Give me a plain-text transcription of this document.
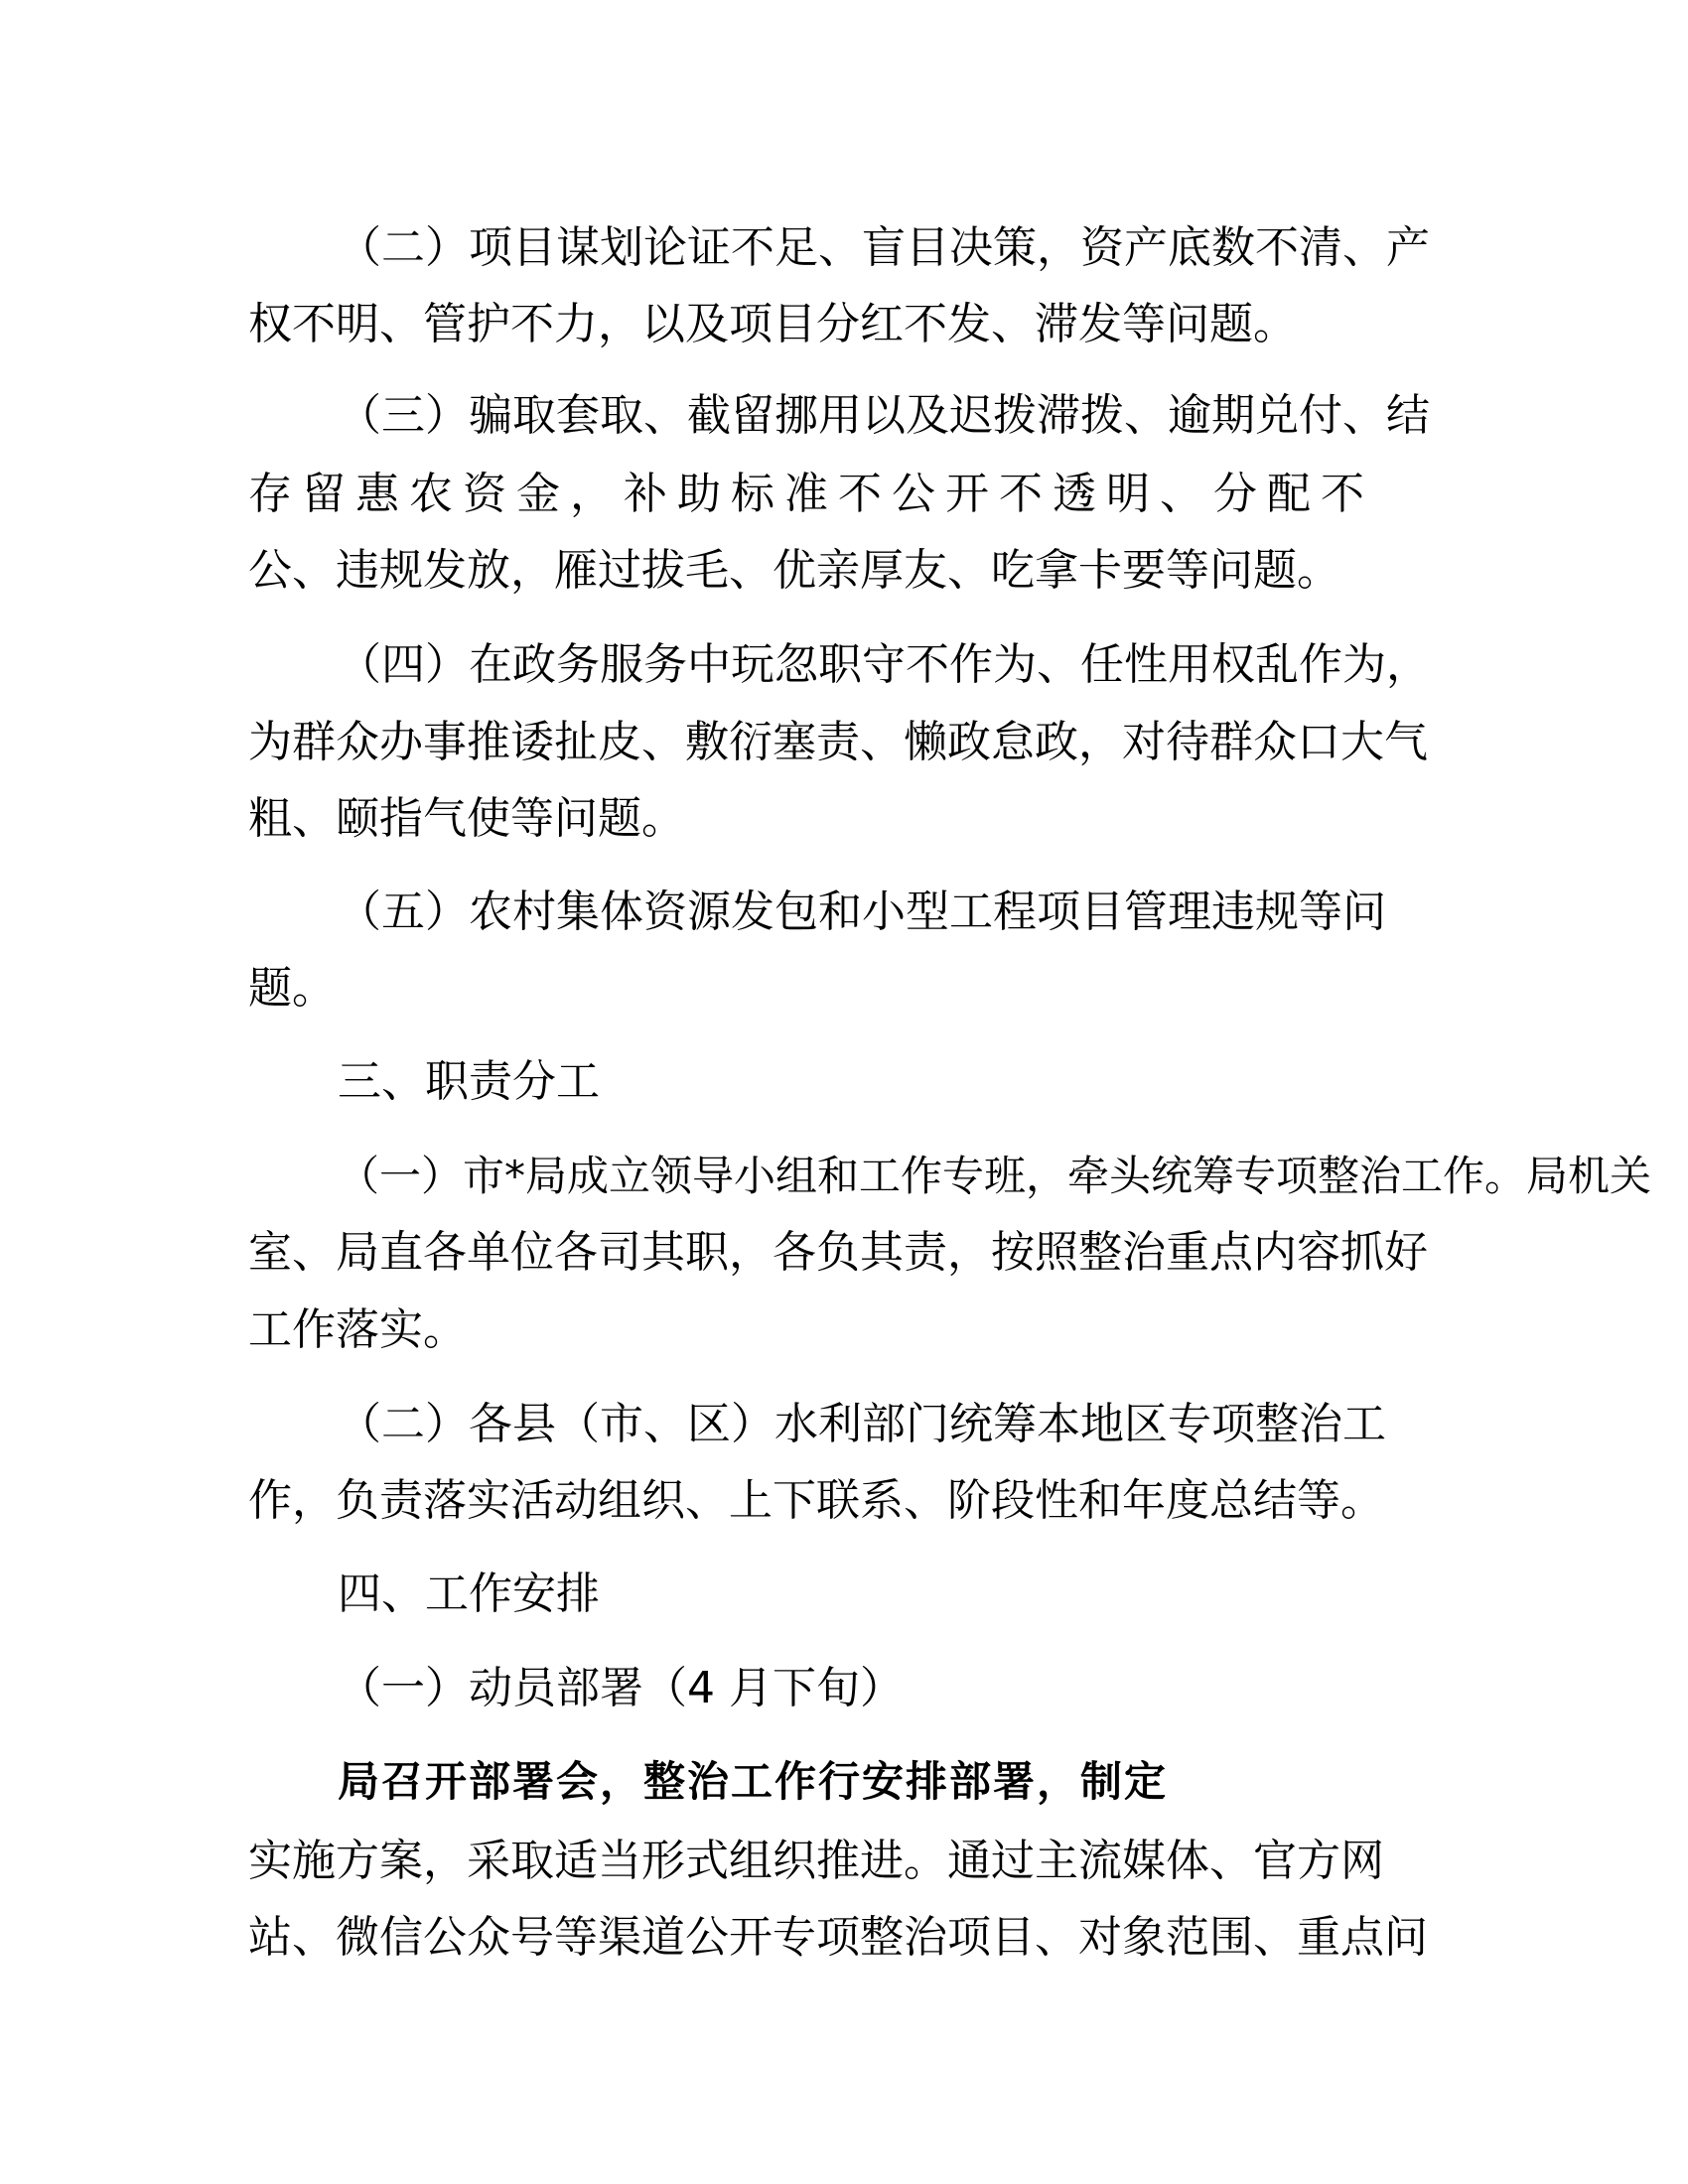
（二）项目谋划论证不足、盲目决策，资产底数不清、产
权不明、管护不力，以及项目分红不发、滞发等问题。
（三）骗取套取、截留挪用以及迟拨滞拨、逾期兑付、结
存留惠农资金，补助标准不公开不透明、分配不
公、违规发放，雁过拔毛、优亲厚友、吃拿卡要等问题。
（四）在政务服务中玩忽职守不作为、任性用权乱作为，
为群众办事推诿扯皮、敷衍塞责、懒政怠政，对待群众口大气
粗、颐指气使等问题。
（五）农村集体资源发包和小型工程项目管理违规等问
题。
三、职责分工
（一）市*局成立领导小组和工作专班，牵头统筹专项整治工作。局机关
室、局直各单位各司其职，各负其责，按照整治重点内容抓好
工作落实。
（二）各县（市、区）水利部门统筹本地区专项整治工
作，负责落实活动组织、上下联系、阶段性和年度总结等。
四、工作安排
（一）动员部署（4 月下旬）
局召开部署会，整治工作行安排部署，制定
实施方案，采取适当形式组织推进。通过主流媒体、官方网
站、微信公众号等渠道公开专项整治项目、对象范围、重点问
